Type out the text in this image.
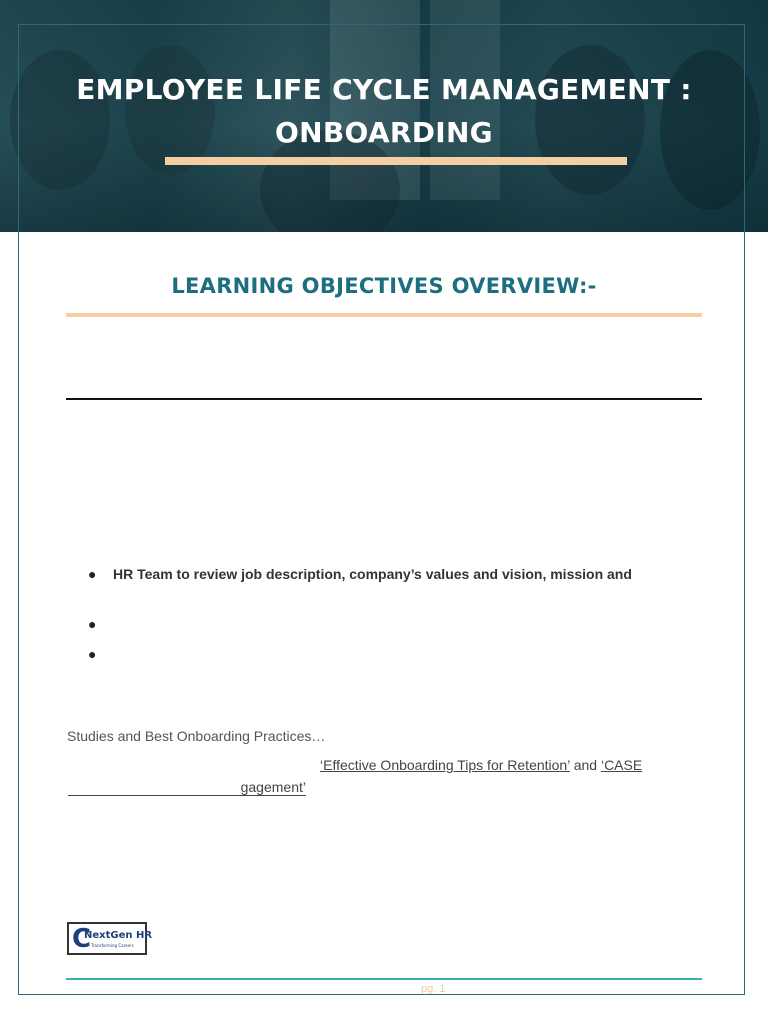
EMPLOYEE LIFE CYCLE MANAGEMENT :
ONBOARDING
LEARNING OBJECTIVES OVERVIEW:-
● HR Team to review job description, company’s values and vision, mission and
●
●
Studies and Best Onboarding Practices…
‘Effective Onboarding Tips for Retention’ and ‘CASE
gagement’
C
NextGen HR
Transforming Careers
pg. 1
